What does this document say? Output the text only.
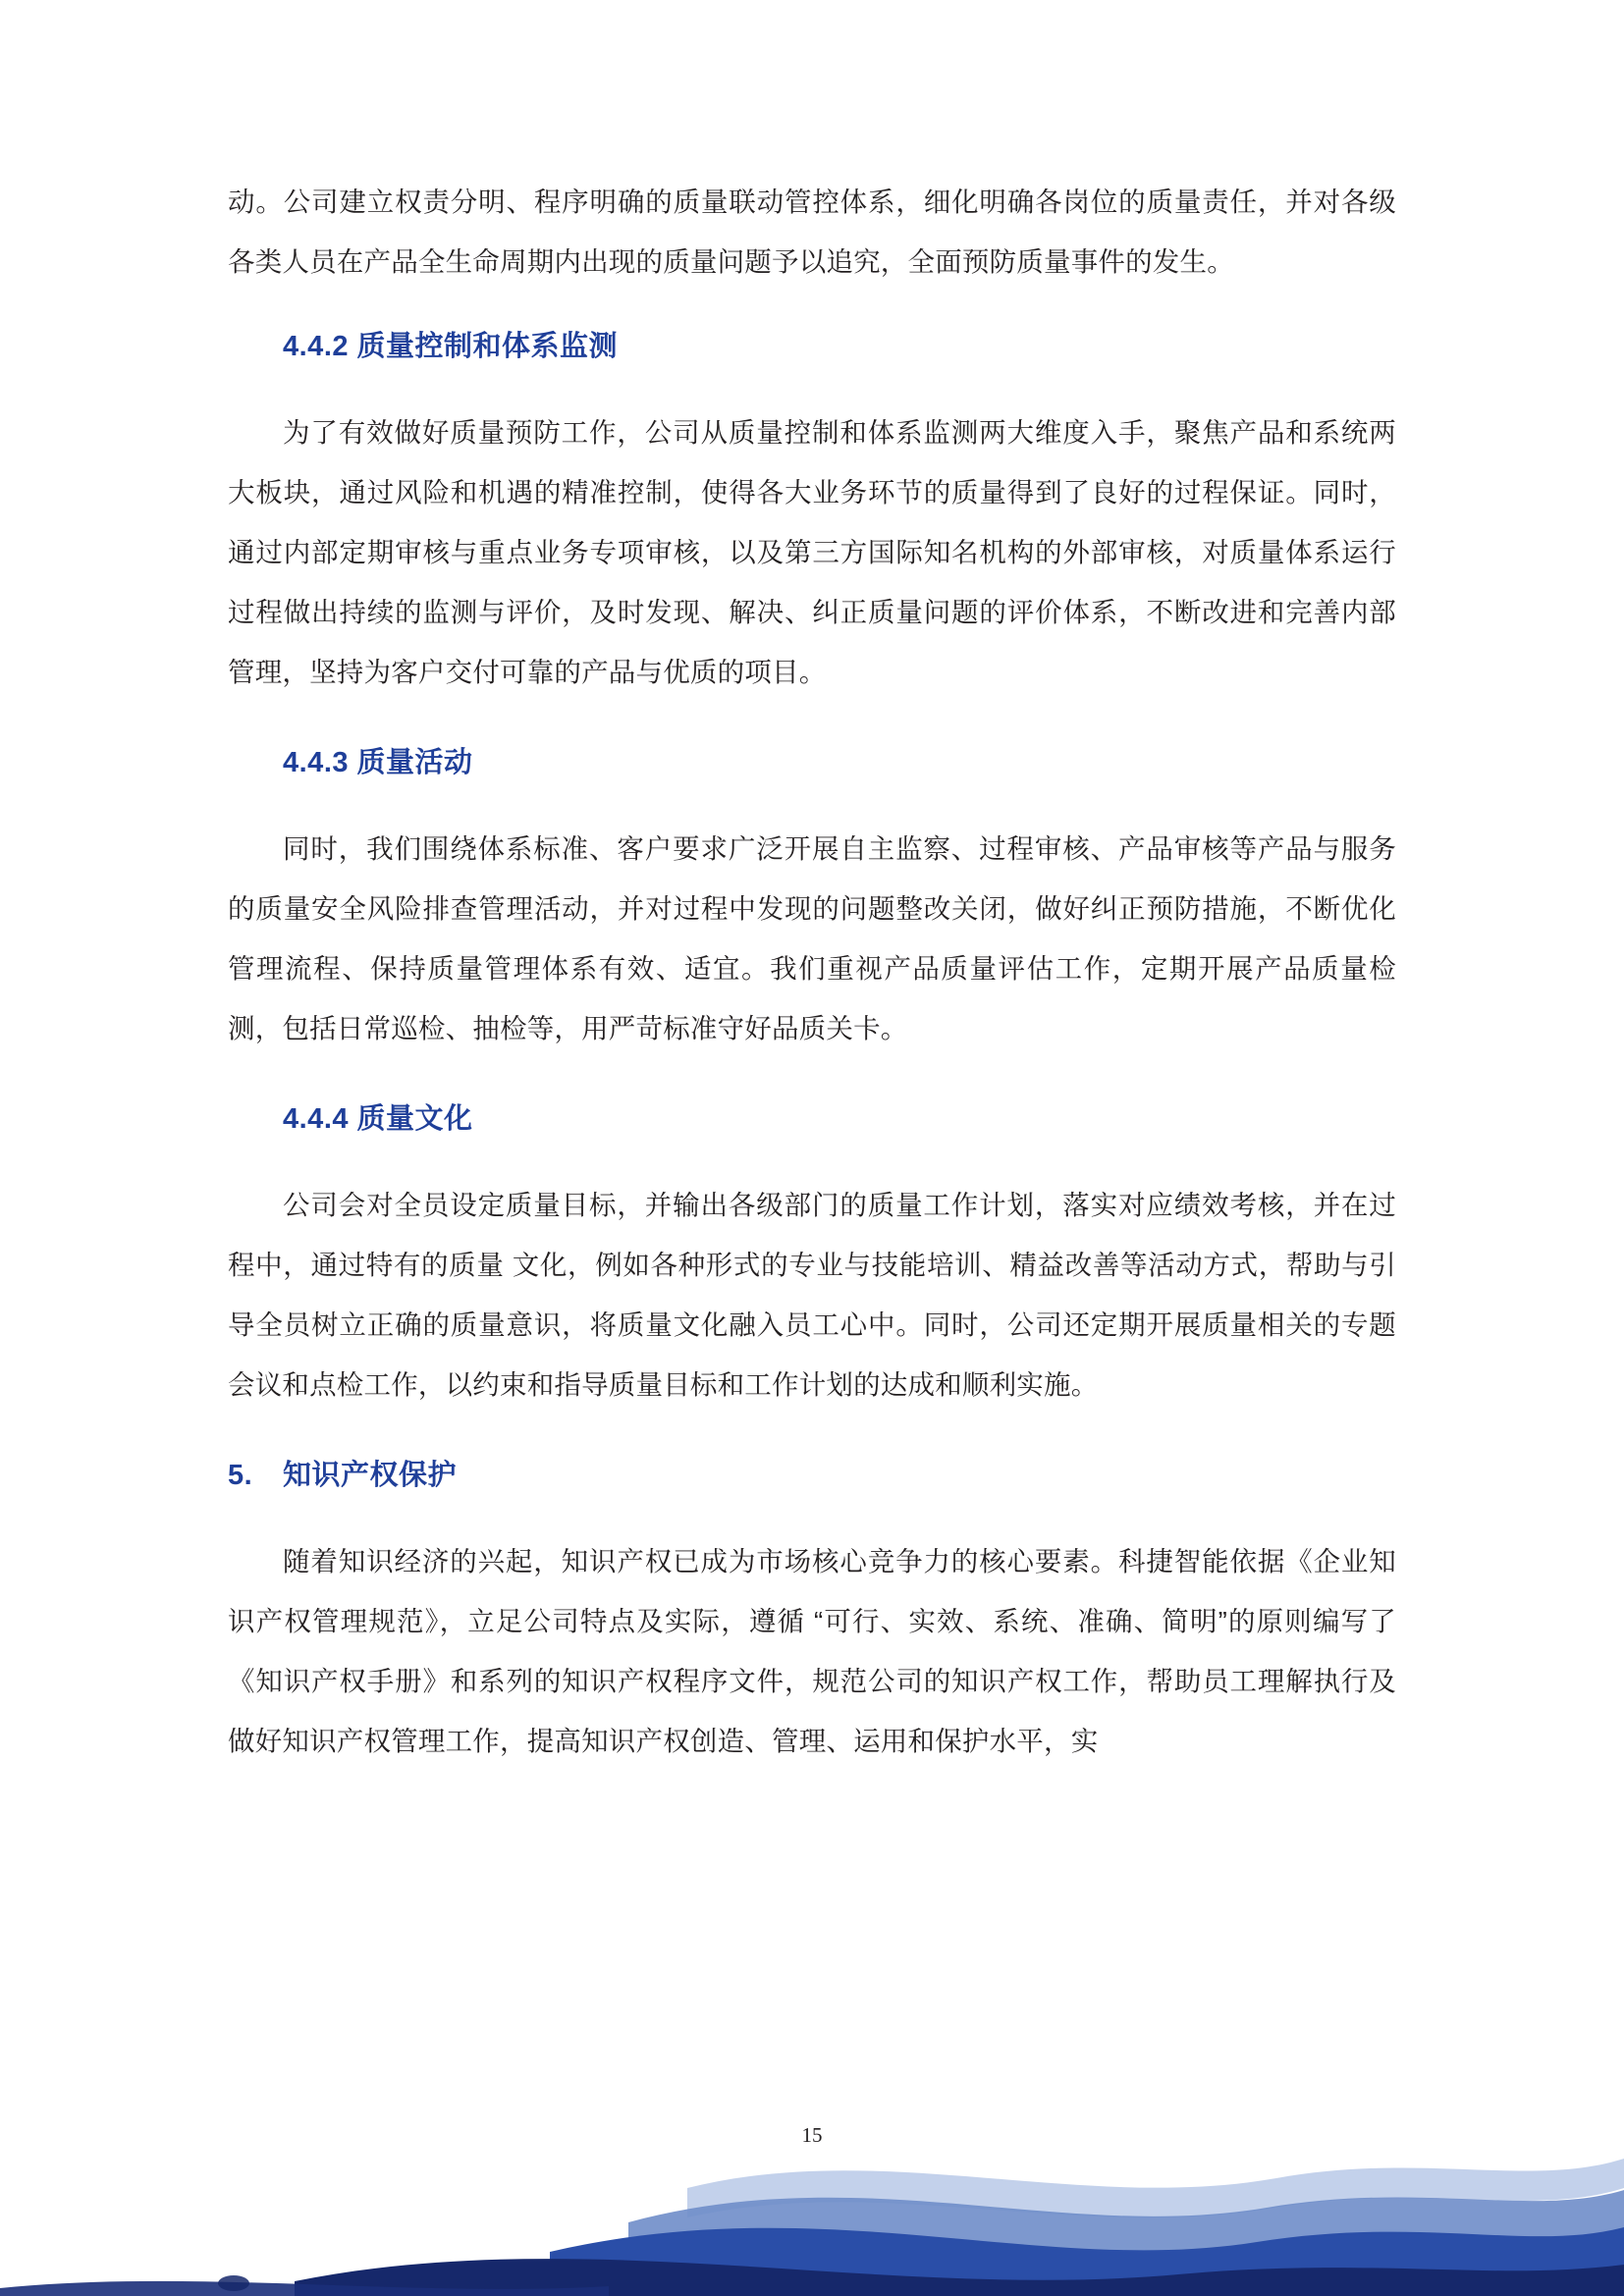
动。公司建立权责分明、程序明确的质量联动管控体系，细化明确各岗位的质量责任，并对各级各类人员在产品全生命周期内出现的质量问题予以追究，全面预防质量事件的发生。

4.4.2 质量控制和体系监测

为了有效做好质量预防工作，公司从质量控制和体系监测两大维度入手，聚焦产品和系统两大板块，通过风险和机遇的精准控制，使得各大业务环节的质量得到了良好的过程保证。同时，通过内部定期审核与重点业务专项审核，以及第三方国际知名机构的外部审核，对质量体系运行过程做出持续的监测与评价，及时发现、解决、纠正质量问题的评价体系，不断改进和完善内部管理，坚持为客户交付可靠的产品与优质的项目。

4.4.3 质量活动

同时，我们围绕体系标准、客户要求广泛开展自主监察、过程审核、产品审核等产品与服务的质量安全风险排查管理活动，并对过程中发现的问题整改关闭，做好纠正预防措施，不断优化管理流程、保持质量管理体系有效、适宜。我们重视产品质量评估工作，定期开展产品质量检测，包括日常巡检、抽检等，用严苛标准守好品质关卡。

4.4.4 质量文化

公司会对全员设定质量目标，并输出各级部门的质量工作计划，落实对应绩效考核，并在过程中，通过特有的质量 文化，例如各种形式的专业与技能培训、精益改善等活动方式，帮助与引导全员树立正确的质量意识，将质量文化融入员工心中。同时，公司还定期开展质量相关的专题会议和点检工作，以约束和指导质量目标和工作计划的达成和顺利实施。

5. 知识产权保护

随着知识经济的兴起，知识产权已成为市场核心竞争力的核心要素。科捷智能依据《企业知识产权管理规范》，立足公司特点及实际，遵循 “可行、实效、系统、准确、简明”的原则编写了《知识产权手册》和系列的知识产权程序文件，规范公司的知识产权工作，帮助员工理解执行及做好知识产权管理工作，提高知识产权创造、管理、运用和保护水平，实

15
